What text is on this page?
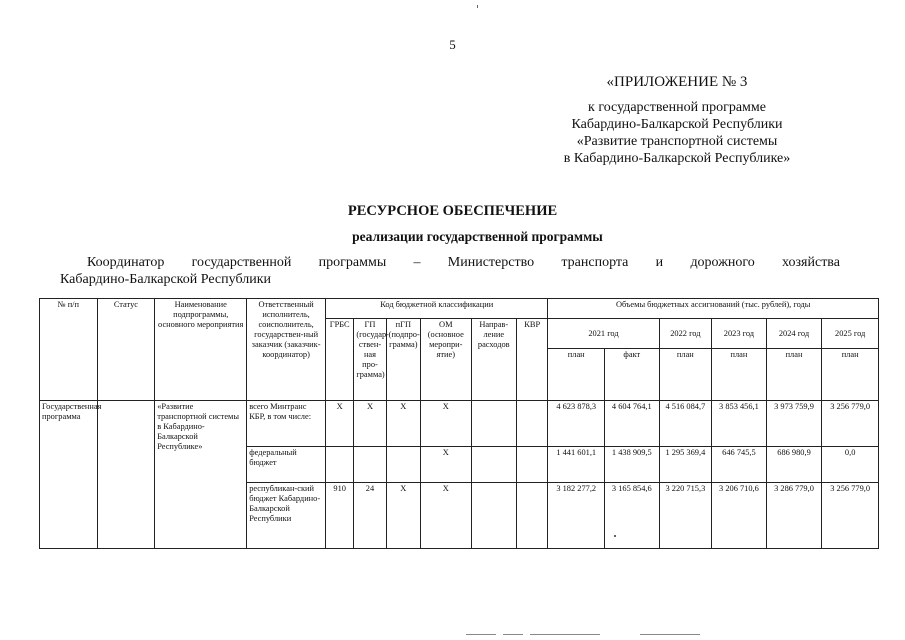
5
«ПРИЛОЖЕНИЕ № 3
к государственной программе
Кабардино-Балкарской Республики
«Развитие транспортной системы
в Кабардино-Балкарской Республике»
РЕСУРСНОЕ ОБЕСПЕЧЕНИЕ
реализации государственной программы
Координатор государственной программы – Министерство транспорта и дорожного хозяйства
Кабардино-Балкарской Республики
№ п/п	Статус	Наименование подпрограммы, основного мероприятия	Ответственный исполнитель, соисполнитель, государствен-ный заказчик (заказчик-координатор)	Код бюджетной классификации						Объемы бюджетных ассигнований (тыс. рублей), годы					
				ГРБС	ГП (государ-ствен-ная про-грамма)	пГП (подпро-грамма)	ОМ (основное меропри-ятие)	Направ-ление расходов	КВР	2021 год		2022 год	2023 год	2024 год	2025 год
										план	факт	план	план	план	план
Государственная программа		«Развитие транспортной системы в Кабардино-Балкарской Республике»	всего Минтранс КБР, в том числе:	X	X	X	X			4 623 878,3	4 604 764,1	4 516 084,7	3 853 456,1	3 973 759,9	3 256 779,0
			федеральный бюджет				X			1 441 601,1	1 438 909,5	1 295 369,4	646 745,5	686 980,9	0,0
			республикан-ский бюджет Кабардино-Балкарской Республики	910	24	X	X			3 182 277,2	3 165 854,6	3 220 715,3	3 206 710,6	3 286 779,0	3 256 779,0
